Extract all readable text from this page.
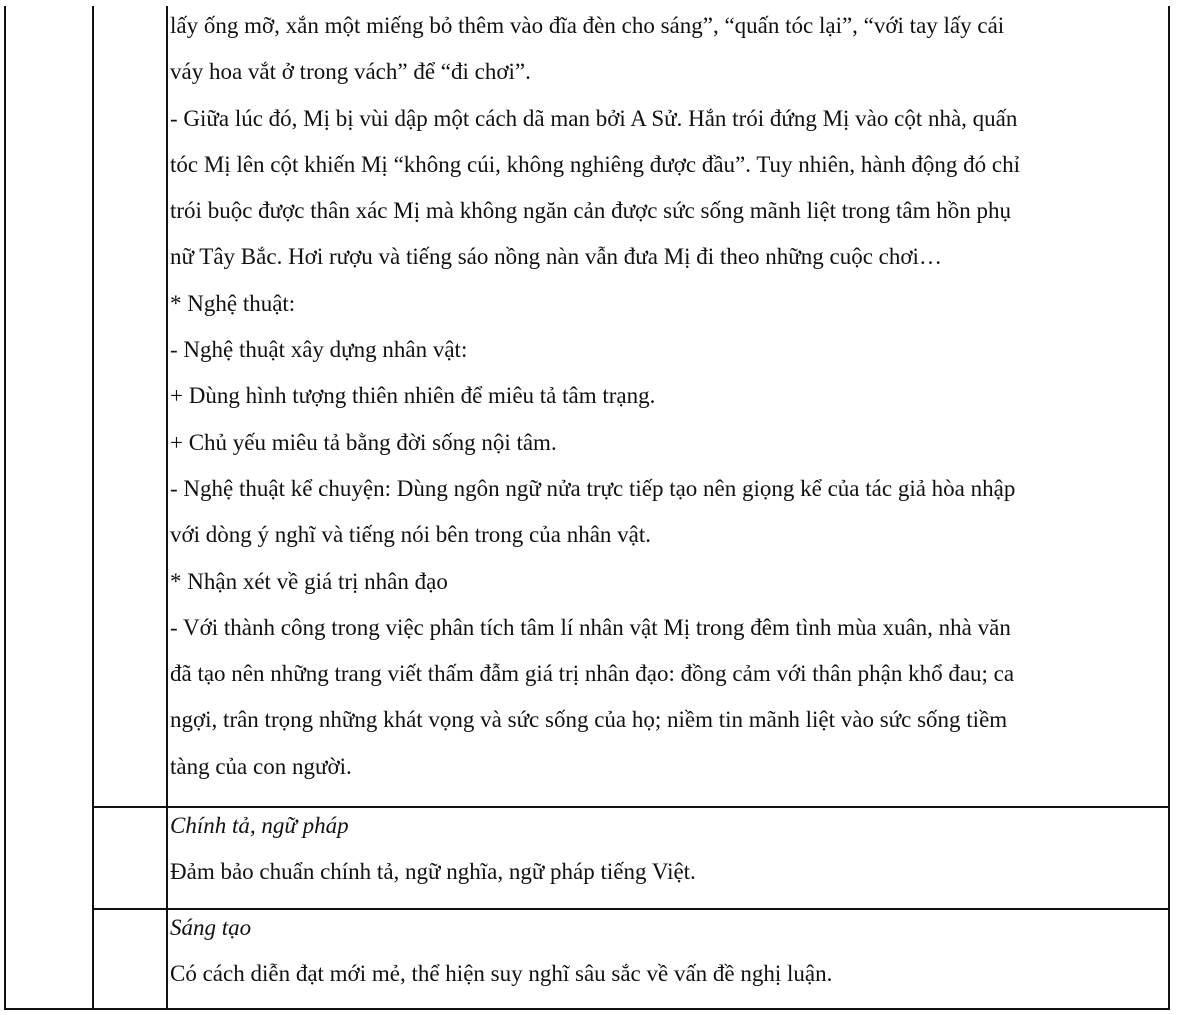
lấy ống mỡ, xắn một miếng bỏ thêm vào đĩa đèn cho sáng”, “quấn tóc lại”, “với tay lấy cái
váy hoa vắt ở trong vách” để “đi chơi”.
- Giữa lúc đó, Mị bị vùi dập một cách dã man bởi A Sử. Hắn trói đứng Mị vào cột nhà, quấn
tóc Mị lên cột khiến Mị “không cúi, không nghiêng được đầu”. Tuy nhiên, hành động đó chỉ
trói buộc được thân xác Mị mà không ngăn cản được sức sống mãnh liệt trong tâm hồn phụ
nữ Tây Bắc. Hơi rượu và tiếng sáo nồng nàn vẫn đưa Mị đi theo những cuộc chơi…
* Nghệ thuật:
- Nghệ thuật xây dựng nhân vật:
+ Dùng hình tượng thiên nhiên để miêu tả tâm trạng.
+ Chủ yếu miêu tả bằng đời sống nội tâm.
- Nghệ thuật kể chuyện: Dùng ngôn ngữ nửa trực tiếp tạo nên giọng kể của tác giả hòa nhập
với dòng ý nghĩ và tiếng nói bên trong của nhân vật.
* Nhận xét về giá trị nhân đạo
- Với thành công trong việc phân tích tâm lí nhân vật Mị trong đêm tình mùa xuân, nhà văn
đã tạo nên những trang viết thấm đẫm giá trị nhân đạo: đồng cảm với thân phận khổ đau; ca
ngợi, trân trọng những khát vọng và sức sống của họ; niềm tin mãnh liệt vào sức sống tiềm
tàng của con người.
Chính tả, ngữ pháp
Đảm bảo chuẩn chính tả, ngữ nghĩa, ngữ pháp tiếng Việt.
Sáng tạo
Có cách diễn đạt mới mẻ, thể hiện suy nghĩ sâu sắc về vấn đề nghị luận.
